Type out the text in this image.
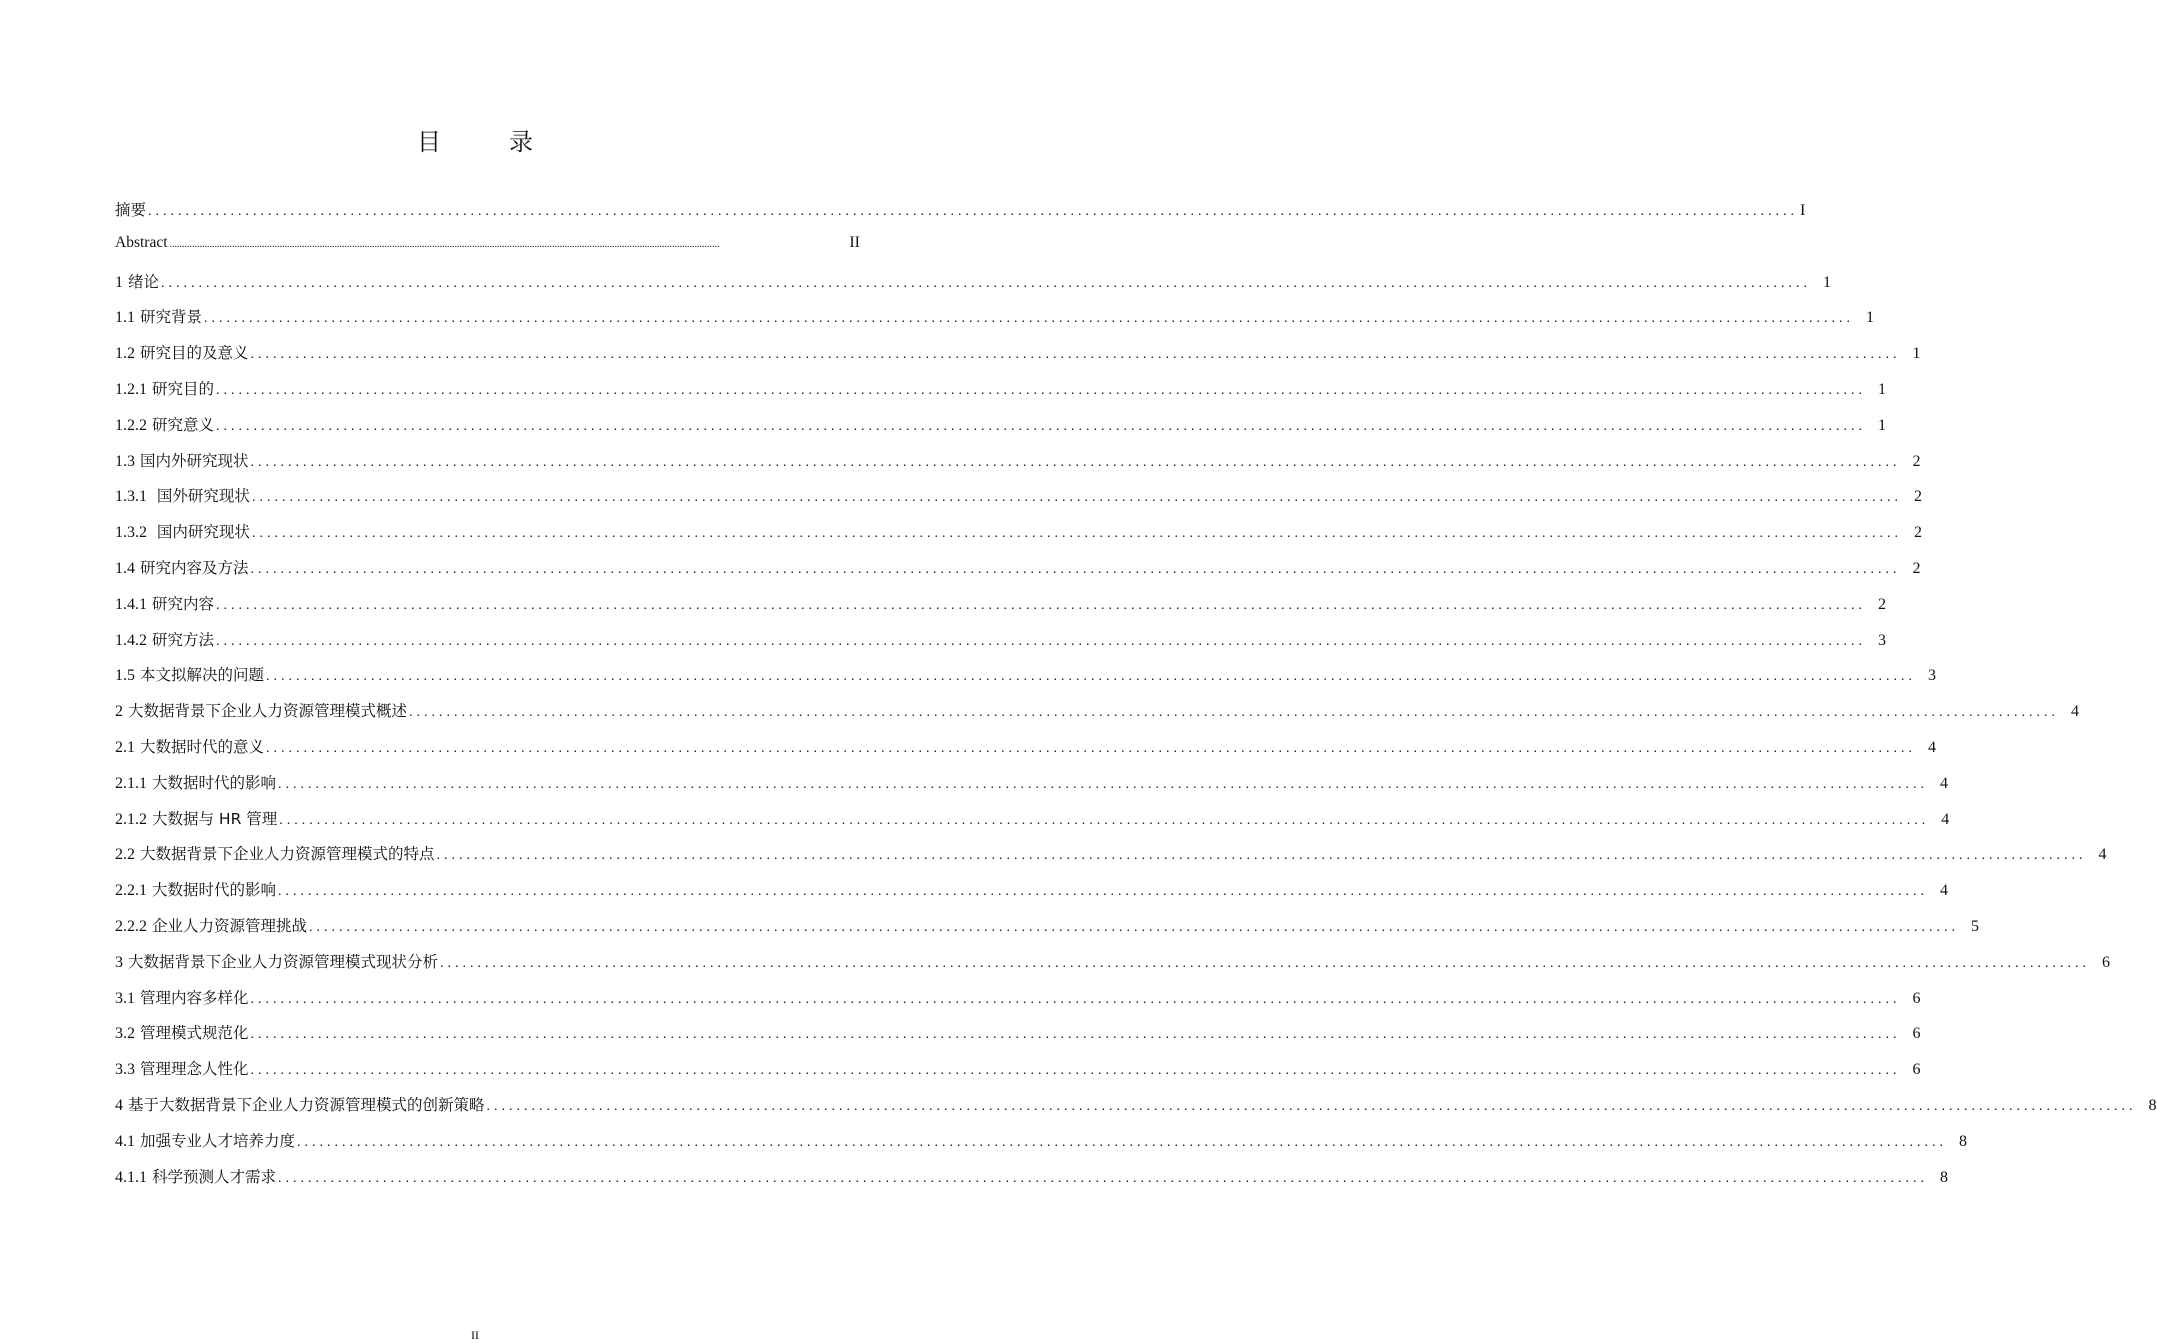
目　录
摘要 ............................................................................................................................................................................................................................ I
Abstract ............................................................................................................................................................................................................................	II
1 绪论 ............................................................................................................................................................................................................................ 1
1.1 研究背景 ............................................................................................................................................................................................................................ 1
1.2 研究目的及意义 ............................................................................................................................................................................................................................ 1
1.2.1 研究目的 ............................................................................................................................................................................................................................ 1
1.2.2 研究意义 ............................................................................................................................................................................................................................ 1
1.3 国内外研究现状 ............................................................................................................................................................................................................................ 2
1.3.1 国外研究现状 ............................................................................................................................................................................................................................ 2
1.3.2 国内研究现状 ............................................................................................................................................................................................................................ 2
1.4 研究内容及方法 ............................................................................................................................................................................................................................ 2
1.4.1 研究内容 ............................................................................................................................................................................................................................ 2
1.4.2 研究方法 ............................................................................................................................................................................................................................ 3
1.5 本文拟解决的问题 ............................................................................................................................................................................................................................ 3
2 大数据背景下企业人力资源管理模式概述 ............................................................................................................................................................................................................................ 4
2.1 大数据时代的意义 ............................................................................................................................................................................................................................ 4
2.1.1 大数据时代的影响 ............................................................................................................................................................................................................................ 4
2.1.2 大数据与 HR 管理 ............................................................................................................................................................................................................................ 4
2.2 大数据背景下企业人力资源管理模式的特点 ............................................................................................................................................................................................................................ 4
2.2.1 大数据时代的影响 ............................................................................................................................................................................................................................ 4
2.2.2 企业人力资源管理挑战 ............................................................................................................................................................................................................................ 5
3 大数据背景下企业人力资源管理模式现状分析 ............................................................................................................................................................................................................................ 6
3.1 管理内容多样化 ............................................................................................................................................................................................................................ 6
3.2 管理模式规范化 ............................................................................................................................................................................................................................ 6
3.3 管理理念人性化 ............................................................................................................................................................................................................................ 6
4 基于大数据背景下企业人力资源管理模式的创新策略 ............................................................................................................................................................................................................................ 8
4.1 加强专业人才培养力度 ............................................................................................................................................................................................................................ 8
4.1.1 科学预测人才需求 ............................................................................................................................................................................................................................ 8
II
